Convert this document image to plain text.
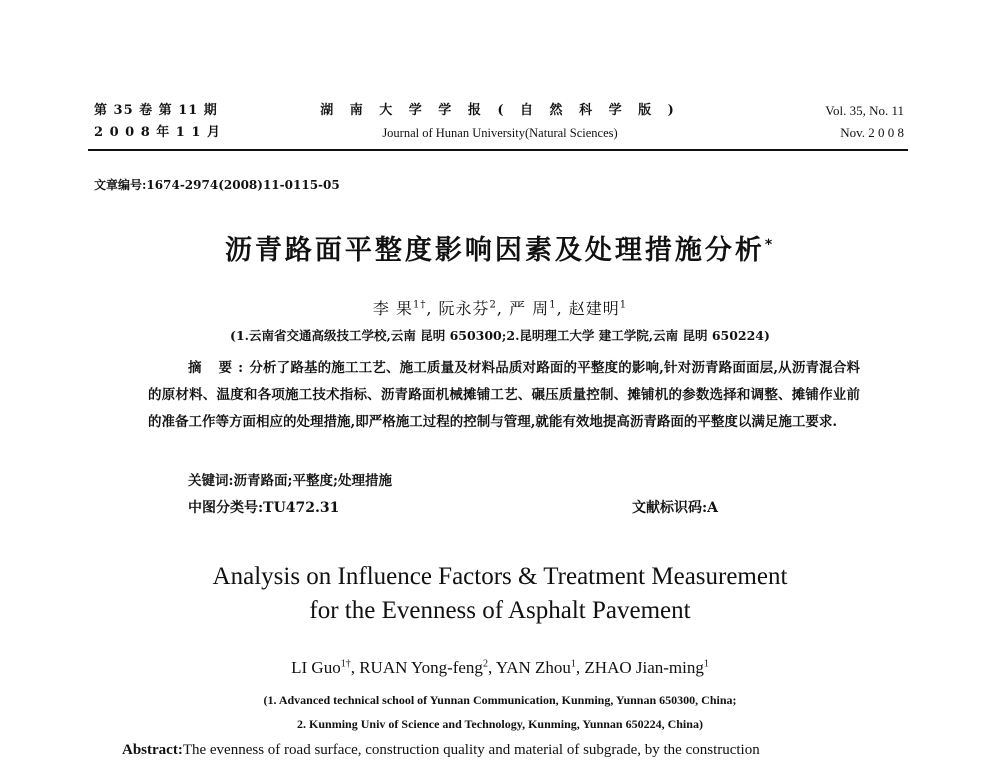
第 35 卷 第 11 期
2 0 0 8 年 1 1 月
湖 南 大 学 学 报 ( 自 然 科 学 版 )
Journal of Hunan University(Natural Sciences)
Vol. 35, No. 11
Nov. 2 0 0 8
文章编号:1674-2974(2008)11-0115-05
沥青路面平整度影响因素及处理措施分析*
李 果$^{1\dagger}$, 阮永芬$^2$, 严 周$^1$, 赵建明$^1$
(1.云南省交通高级技工学校,云南 昆明 650300;2.昆明理工大学 建工学院,云南 昆明 650224)
摘 要:分析了路基的施工工艺、施工质量及材料品质对路面的平整度的影响,针对沥青路面面层,从沥青混合料的原材料、温度和各项施工技术指标、沥青路面机械摊铺工艺、碾压质量控制、摊铺机的参数选择和调整、摊铺作业前的准备工作等方面相应的处理措施,即严格施工过程的控制与管理,就能有效地提高沥青路面的平整度以满足施工要求.
关键词:沥青路面;平整度;处理措施
中图分类号:TU472.31	文献标识码:A
Analysis on Influence Factors & Treatment Measurement
for the Evenness of Asphalt Pavement
LI Guo$^{1\dagger}$, RUAN Yong-feng$^2$, YAN Zhou$^1$, ZHAO Jian-ming$^1$
(1. Advanced technical school of Yunnan Communication, Kunming, Yunnan 650300, China;
2. Kunming Univ of Science and Technology, Kunming, Yunnan 650224, China)
Abstract:The evenness of road surface, construction quality and material of subgrade, by the construction
